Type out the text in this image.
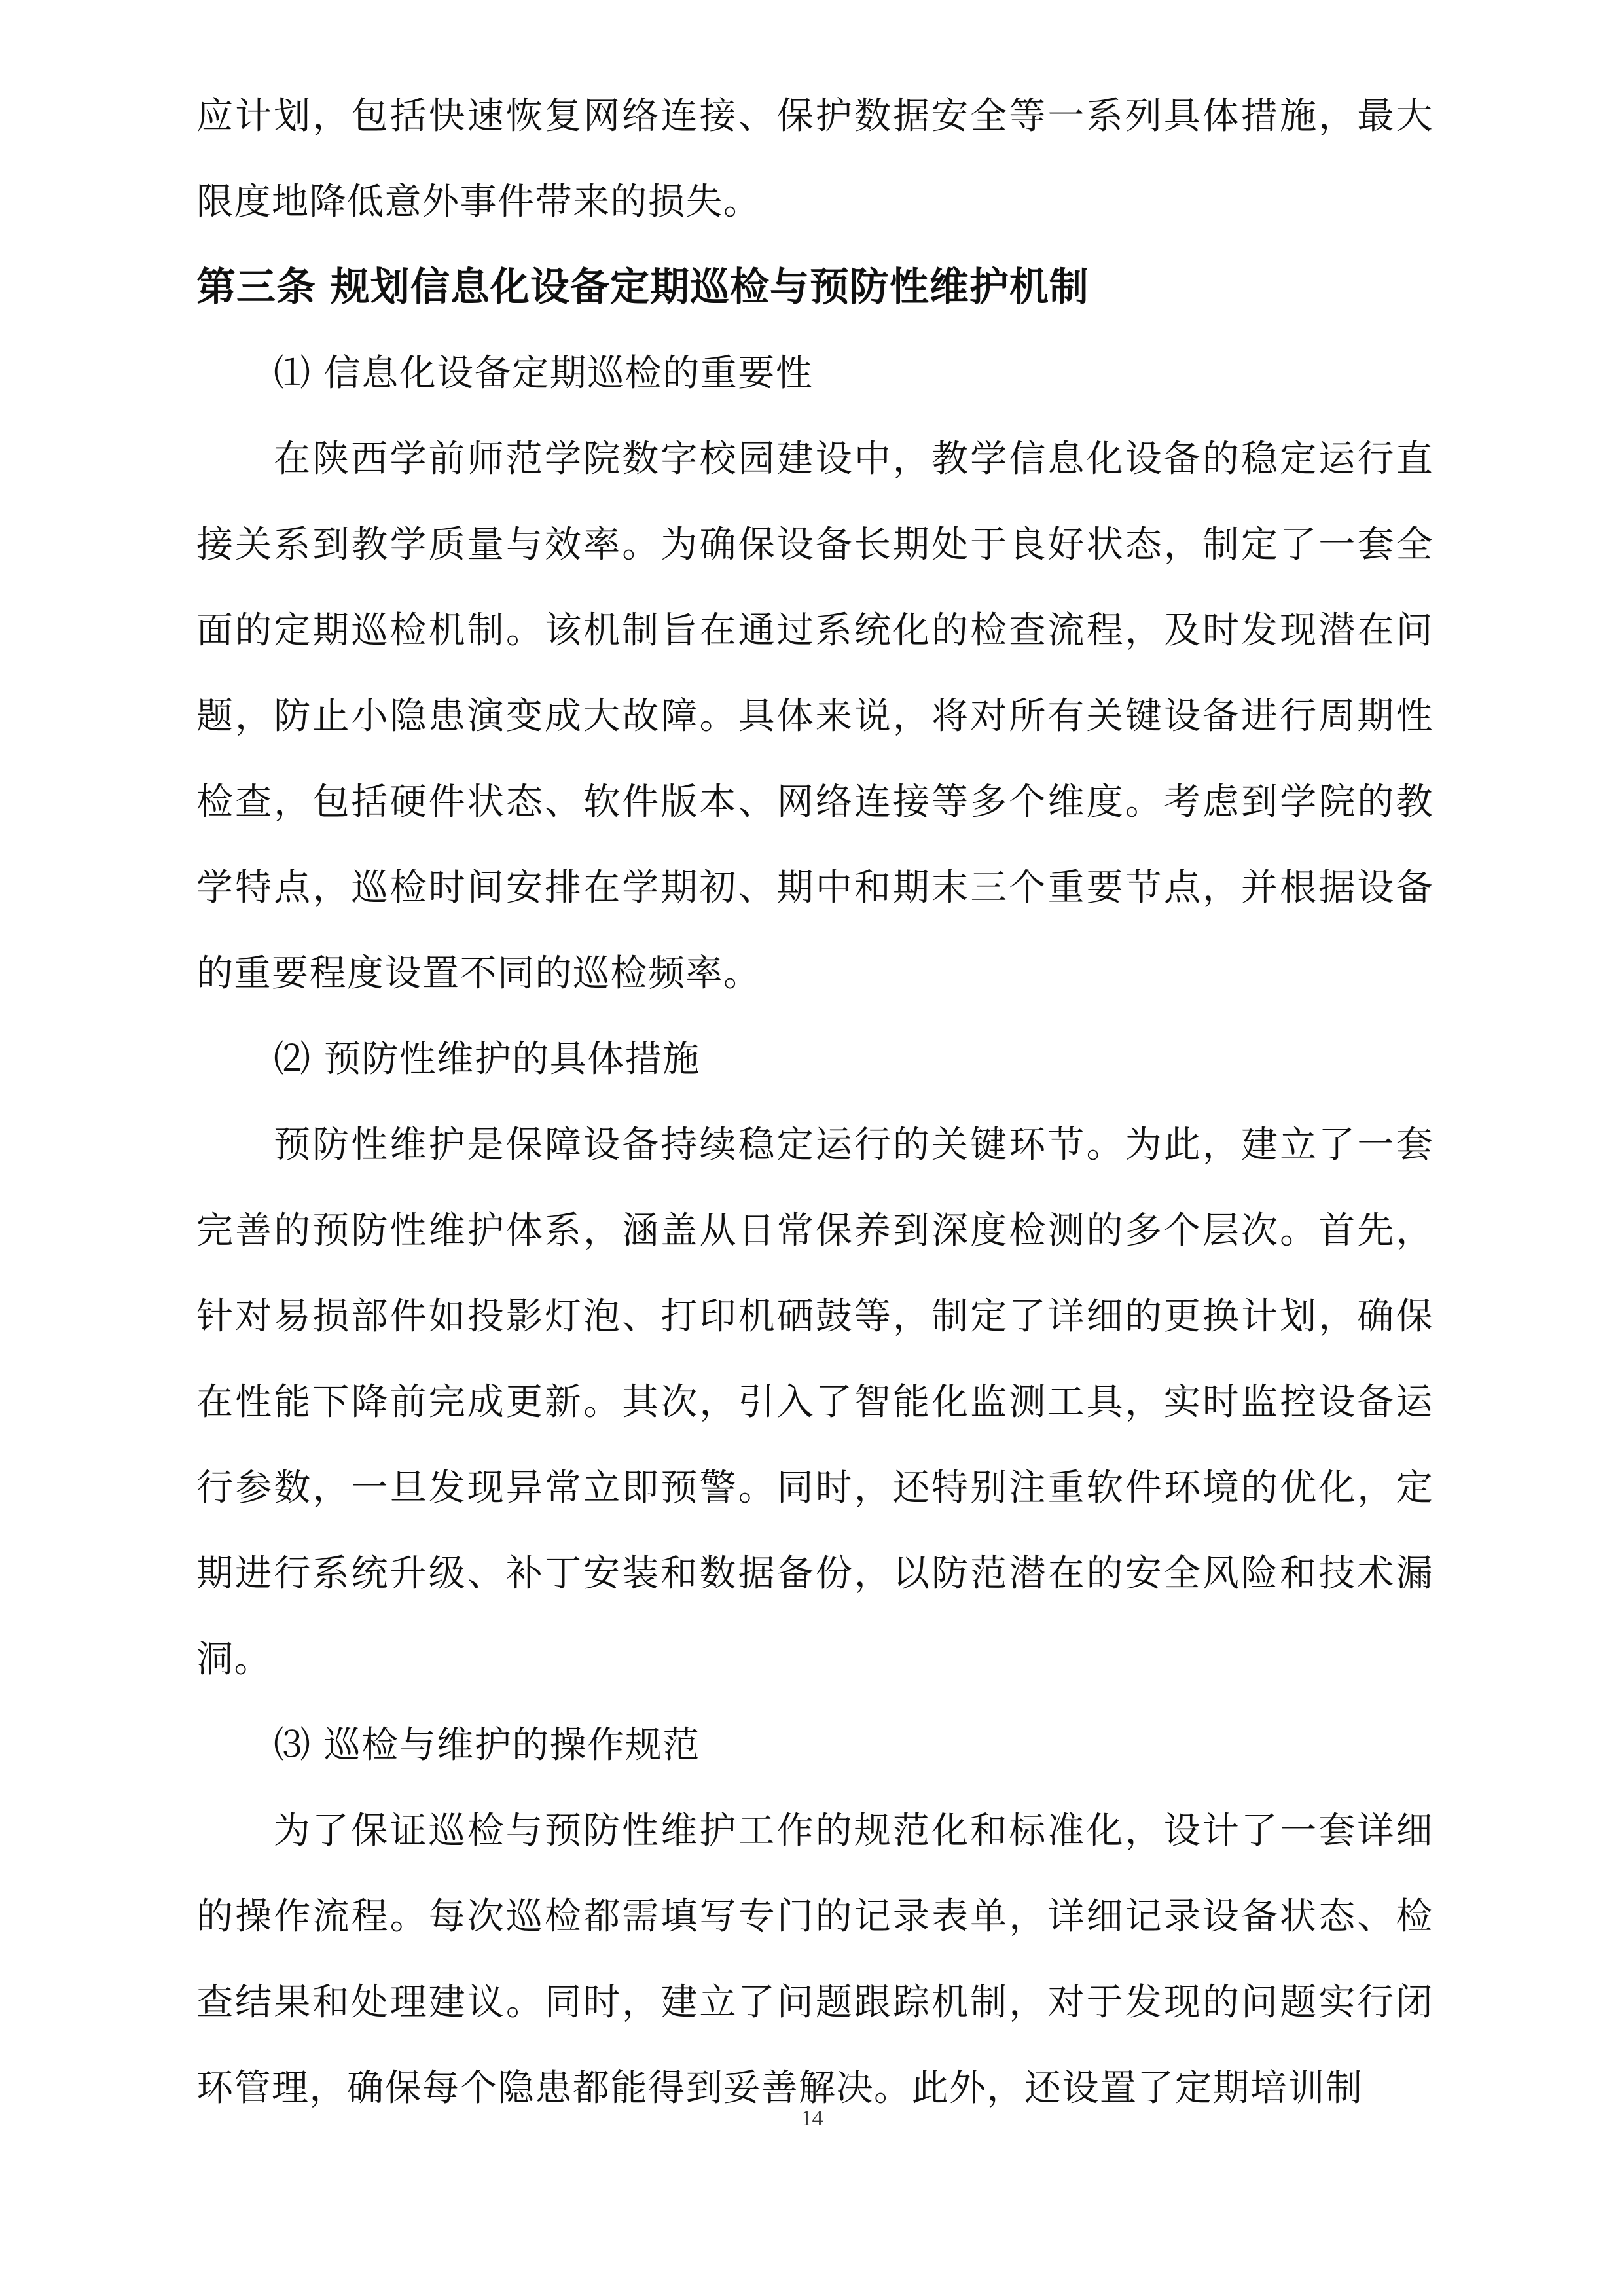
应计划，包括快速恢复网络连接、保护数据安全等一系列具体措施，最大限度地降低意外事件带来的损失。

第三条 规划信息化设备定期巡检与预防性维护机制

⑴ 信息化设备定期巡检的重要性

在陕西学前师范学院数字校园建设中，教学信息化设备的稳定运行直接关系到教学质量与效率。为确保设备长期处于良好状态，制定了一套全面的定期巡检机制。该机制旨在通过系统化的检查流程，及时发现潜在问题，防止小隐患演变成大故障。具体来说，将对所有关键设备进行周期性检查，包括硬件状态、软件版本、网络连接等多个维度。考虑到学院的教学特点，巡检时间安排在学期初、期中和期末三个重要节点，并根据设备的重要程度设置不同的巡检频率。

⑵ 预防性维护的具体措施

预防性维护是保障设备持续稳定运行的关键环节。为此，建立了一套完善的预防性维护体系，涵盖从日常保养到深度检测的多个层次。首先，针对易损部件如投影灯泡、打印机硒鼓等，制定了详细的更换计划，确保在性能下降前完成更新。其次，引入了智能化监测工具，实时监控设备运行参数，一旦发现异常立即预警。同时，还特别注重软件环境的优化，定期进行系统升级、补丁安装和数据备份，以防范潜在的安全风险和技术漏洞。

⑶ 巡检与维护的操作规范

为了保证巡检与预防性维护工作的规范化和标准化，设计了一套详细的操作流程。每次巡检都需填写专门的记录表单，详细记录设备状态、检查结果和处理建议。同时，建立了问题跟踪机制，对于发现的问题实行闭环管理，确保每个隐患都能得到妥善解决。此外，还设置了定期培训制

14
